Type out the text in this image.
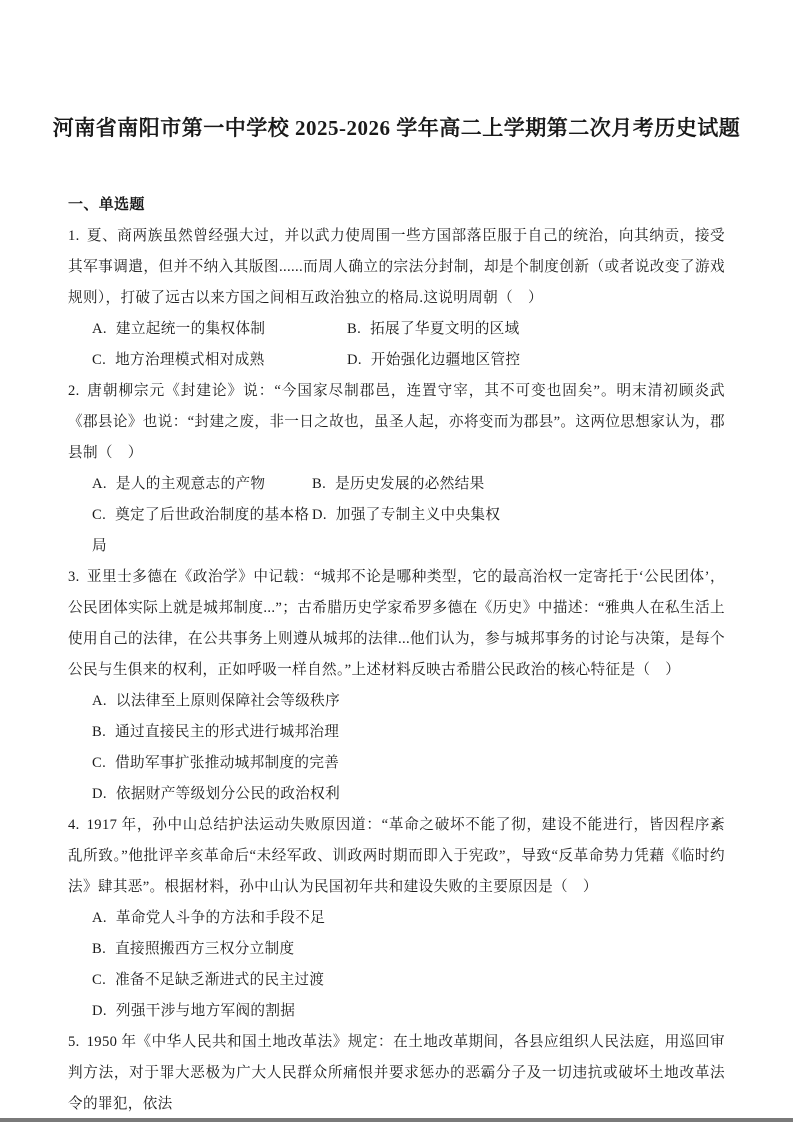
河南省南阳市第一中学校 2025-2026 学年高二上学期第二次月考历史试题
一、单选题

1. 夏、商两族虽然曾经强大过，并以武力使周围一些方国部落臣服于自己的统治，向其纳贡，接受其军事调遣，但并不纳入其版图......而周人确立的宗法分封制，却是个制度创新（或者说改变了游戏规则），打破了远古以来方国之间相互政治独立的格局.这说明周朝（　）

A. 建立起统一的集权体制	B. 拓展了华夏文明的区域
C. 地方治理模式相对成熟	D. 开始强化边疆地区管控

2. 唐朝柳宗元《封建论》说：“今国家尽制郡邑，连置守宰，其不可变也固矣”。明末清初顾炎武《郡县论》也说：“封建之废，非一日之故也，虽圣人起，亦将变而为郡县”。这两位思想家认为，郡县制（　）

A. 是人的主观意志的产物	B. 是历史发展的必然结果
C. 奠定了后世政治制度的基本格局
D. 加强了专制主义中央集权

3. 亚里士多德在《政治学》中记载：“城邦不论是哪种类型，它的最高治权一定寄托于‘公民团体’，公民团体实际上就是城邦制度...”；古希腊历史学家希罗多德在《历史》中描述：“雅典人在私生活上使用自己的法律，在公共事务上则遵从城邦的法律...他们认为，参与城邦事务的讨论与决策，是每个公民与生俱来的权利，正如呼吸一样自然。”上述材料反映古希腊公民政治的核心特征是（　）

A. 以法律至上原则保障社会等级秩序
B. 通过直接民主的形式进行城邦治理
C. 借助军事扩张推动城邦制度的完善
D. 依据财产等级划分公民的政治权利

4. 1917 年，孙中山总结护法运动失败原因道：“革命之破坏不能了彻，建设不能进行，皆因程序紊乱所致。”他批评辛亥革命后“未经军政、训政两时期而即入于宪政”，导致“反革命势力凭藉《临时约法》肆其恶”。根据材料，孙中山认为民国初年共和建设失败的主要原因是（　）

A. 革命党人斗争的方法和手段不足
B. 直接照搬西方三权分立制度
C. 准备不足缺乏渐进式的民主过渡
D. 列强干涉与地方军阀的割据

5. 1950 年《中华人民共和国土地改革法》规定：在土地改革期间，各县应组织人民法庭，用巡回审判方法，对于罪大恶极为广大人民群众所痛恨并要求惩办的恶霸分子及一切违抗或破坏土地改革法令的罪犯，依法
